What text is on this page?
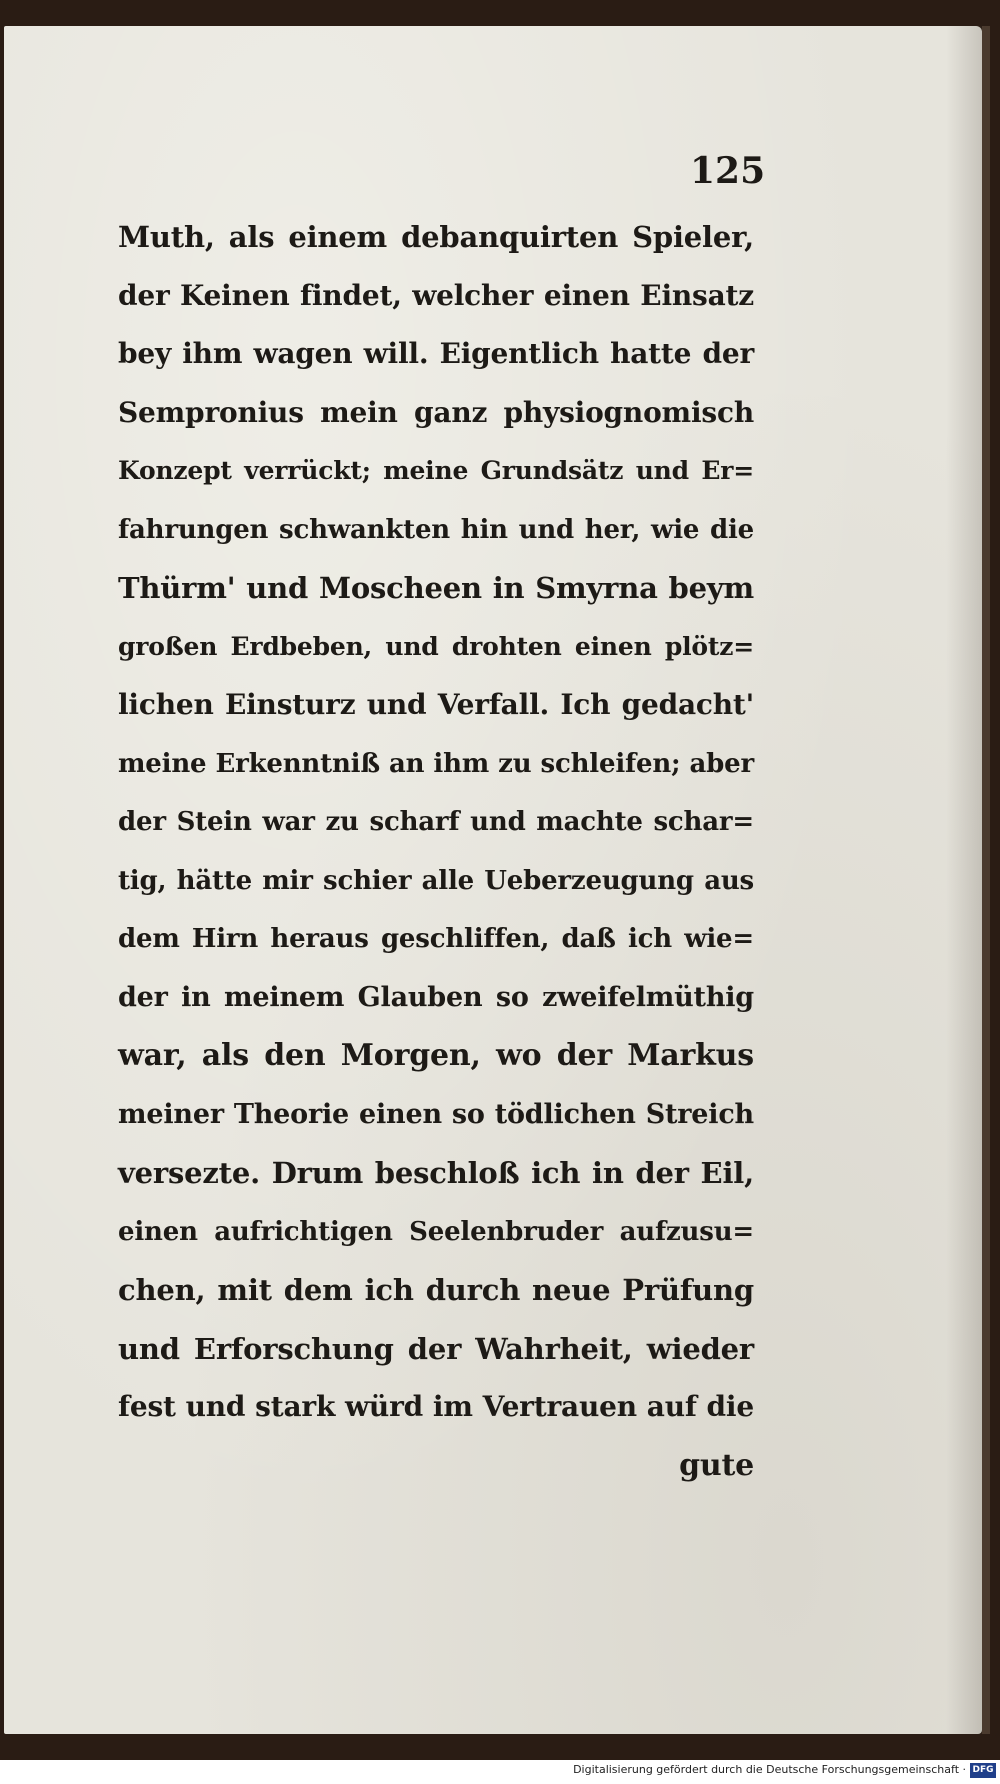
125
Muth, als einem debanquirten Spieler,
der Keinen findet, welcher einen Einsatz
bey ihm wagen will. Eigentlich hatte der
Sempronius mein ganz physiognomisch
Konzept verrückt; meine Grundsätz und Er=
fahrungen schwankten hin und her, wie die
Thürm' und Moscheen in Smyrna beym
großen Erdbeben, und drohten einen plötz=
lichen Einsturz und Verfall. Ich gedacht'
meine Erkenntniß an ihm zu schleifen; aber
der Stein war zu scharf und machte schar=
tig, hätte mir schier alle Ueberzeugung aus
dem Hirn heraus geschliffen, daß ich wie=
der in meinem Glauben so zweifelmüthig
war, als den Morgen, wo der Markus
meiner Theorie einen so tödlichen Streich
versezte. Drum beschloß ich in der Eil,
einen aufrichtigen Seelenbruder aufzusu=
chen, mit dem ich durch neue Prüfung
und Erforschung der Wahrheit, wieder
fest und stark würd im Vertrauen auf die
gute
Digitalisierung gefördert durch die Deutsche Forschungsgemeinschaft · DFG
